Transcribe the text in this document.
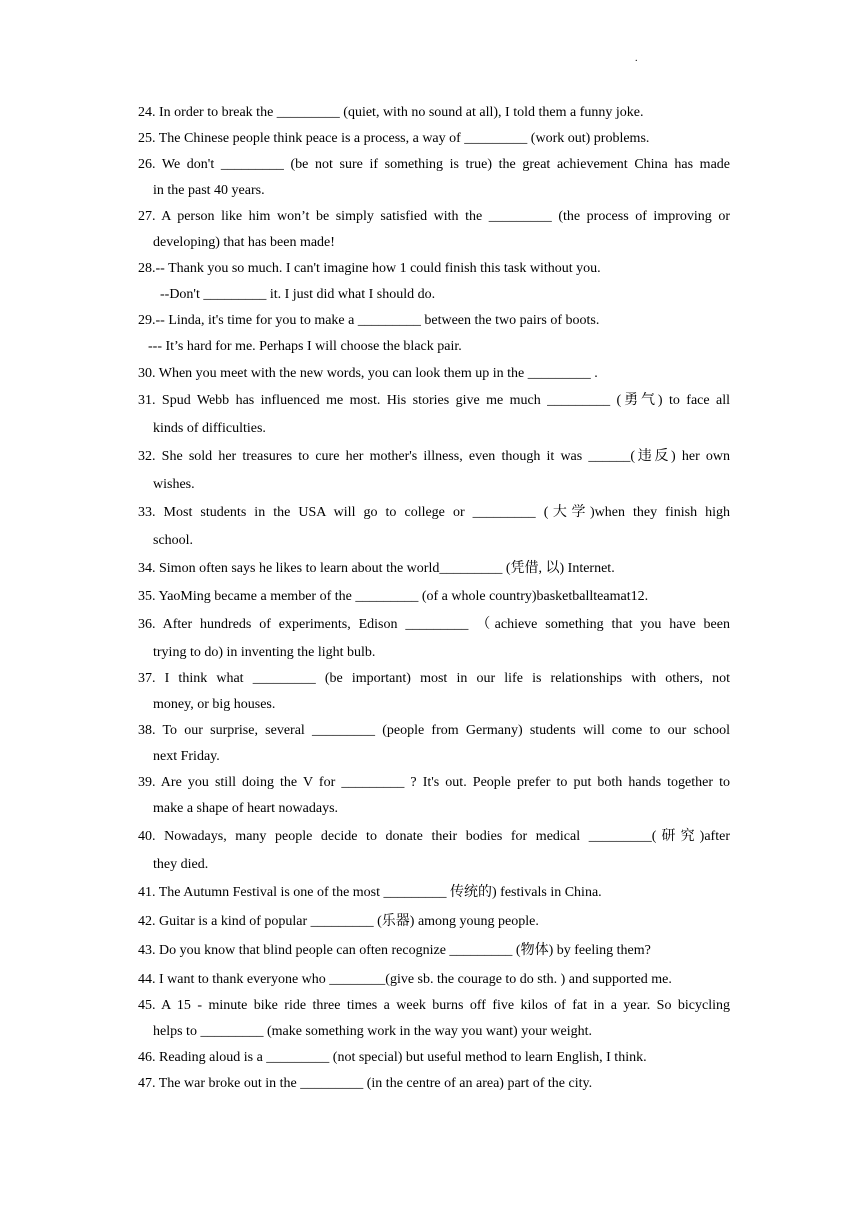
.
24. In order to break the _________ (quiet, with no sound at all), I told them a funny joke.
25. The Chinese people think peace is a process, a way of _________ (work out) problems.
26. We don't _________ (be not sure if something is true) the great achievement China has made
in the past 40 years.
27. A person like him won’t be simply satisfied with the _________ (the process of improving or
developing) that has been made!
28.-- Thank you so much. I can't imagine how 1 could finish this task without you.
--Don't _________ it. I just did what I should do.
29.-- Linda, it's time for you to make a _________ between the two pairs of boots.
--- It’s hard for me. Perhaps I will choose the black pair.
30. When you meet with the new words, you can look them up in the _________ .
31. Spud Webb has influenced me most. His stories give me much _________ (勇气) to face all
kinds of difficulties.
32. She sold her treasures to cure her mother's illness, even though it was ______(违反) her own
wishes.
33. Most students in the USA will go to college or _________ (大学)when they finish high
school.
34. Simon often says he likes to learn about the world_________ (凭借, 以) Internet.
35. YaoMing became a member of the _________ (of a whole country)basketballteamat12.
36. After hundreds of experiments, Edison _________ （achieve something that you have been
trying to do) in inventing the light bulb.
37. I think what _________ (be important) most in our life is relationships with others, not
money, or big houses.
38. To our surprise, several _________ (people from Germany) students will come to our school
next Friday.
39. Are you still doing the V for _________ ? It's out. People prefer to put both hands together to
make a shape of heart nowadays.
40. Nowadays, many people decide to donate their bodies for medical _________(研究)after
they died.
41. The Autumn Festival is one of the most _________ 传统的) festivals in China.
42. Guitar is a kind of popular _________ (乐器) among young people.
43. Do you know that blind people can often recognize _________ (物体) by feeling them?
44. I want to thank everyone who ________(give sb. the courage to do sth. ) and supported me.
45. A 15 - minute bike ride three times a week burns off five kilos of fat in a year. So bicycling
helps to _________ (make something work in the way you want) your weight.
46. Reading aloud is a _________ (not special) but useful method to learn English, I think.
47. The war broke out in the _________ (in the centre of an area) part of the city.
